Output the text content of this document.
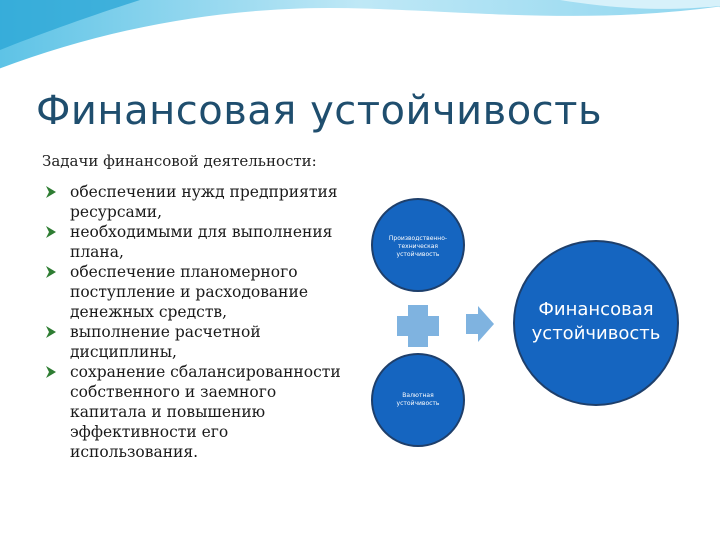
Финансовая устойчивость
Задачи финансовой деятельности:
обеспечении нужд предприятия ресурсами,
необходимыми для выполнения плана,
обеспечение планомерного поступление и расходование денежных средств,
выполнение расчетной дисциплины,
сохранение сбалансированности собственного и заемного капитала и повышению эффективности его использования.
Производственно-техническая устойчивость
Валютная устойчивость
Финансовая устойчивость
